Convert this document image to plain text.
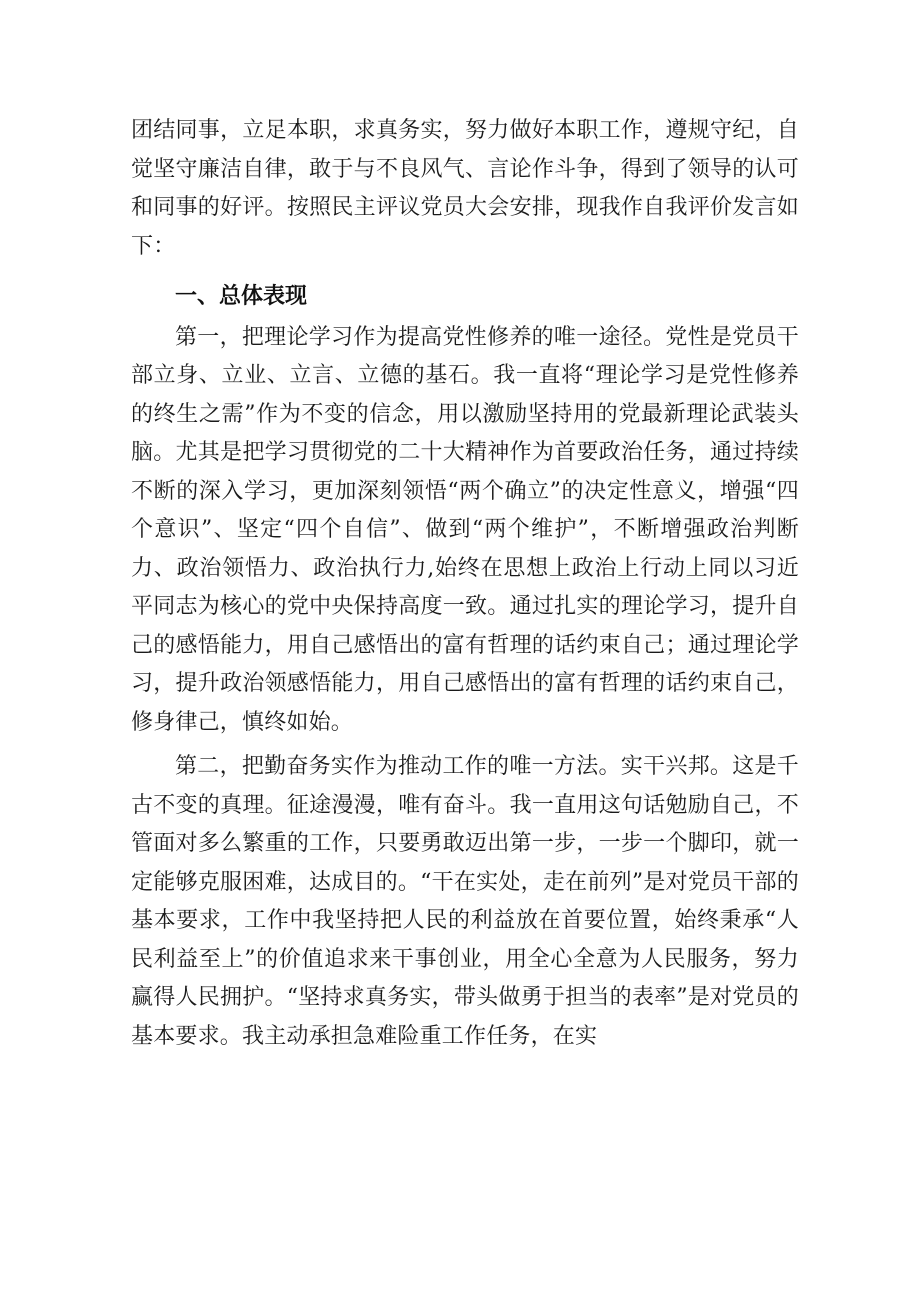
团结同事，立足本职，求真务实，努力做好本职工作，遵规守纪，自觉坚守廉洁自律，敢于与不良风气、言论作斗争，得到了领导的认可和同事的好评。按照民主评议党员大会安排，现我作自我评价发言如下：

一、总体表现

第一，把理论学习作为提高党性修养的唯一途径。党性是党员干部立身、立业、立言、立德的基石。我一直将“理论学习是党性修养的终生之需”作为不变的信念，用以激励坚持用的党最新理论武装头脑。尤其是把学习贯彻党的二十大精神作为首要政治任务，通过持续不断的深入学习，更加深刻领悟“两个确立”的决定性意义，增强“四个意识”、坚定“四个自信”、做到“两个维护”，不断增强政治判断力、政治领悟力、政治执行力,始终在思想上政治上行动上同以习近平同志为核心的党中央保持高度一致。通过扎实的理论学习，提升自己的感悟能力，用自己感悟出的富有哲理的话约束自己；通过理论学习，提升政治领感悟能力，用自己感悟出的富有哲理的话约束自己，修身律己，慎终如始。

第二，把勤奋务实作为推动工作的唯一方法。实干兴邦。这是千古不变的真理。征途漫漫，唯有奋斗。我一直用这句话勉励自己，不管面对多么繁重的工作，只要勇敢迈出第一步，一步一个脚印，就一定能够克服困难，达成目的。“干在实处，走在前列”是对党员干部的基本要求，工作中我坚持把人民的利益放在首要位置，始终秉承“人民利益至上”的价值追求来干事创业，用全心全意为人民服务，努力赢得人民拥护。“坚持求真务实，带头做勇于担当的表率”是对党员的基本要求。我主动承担急难险重工作任务，在实
